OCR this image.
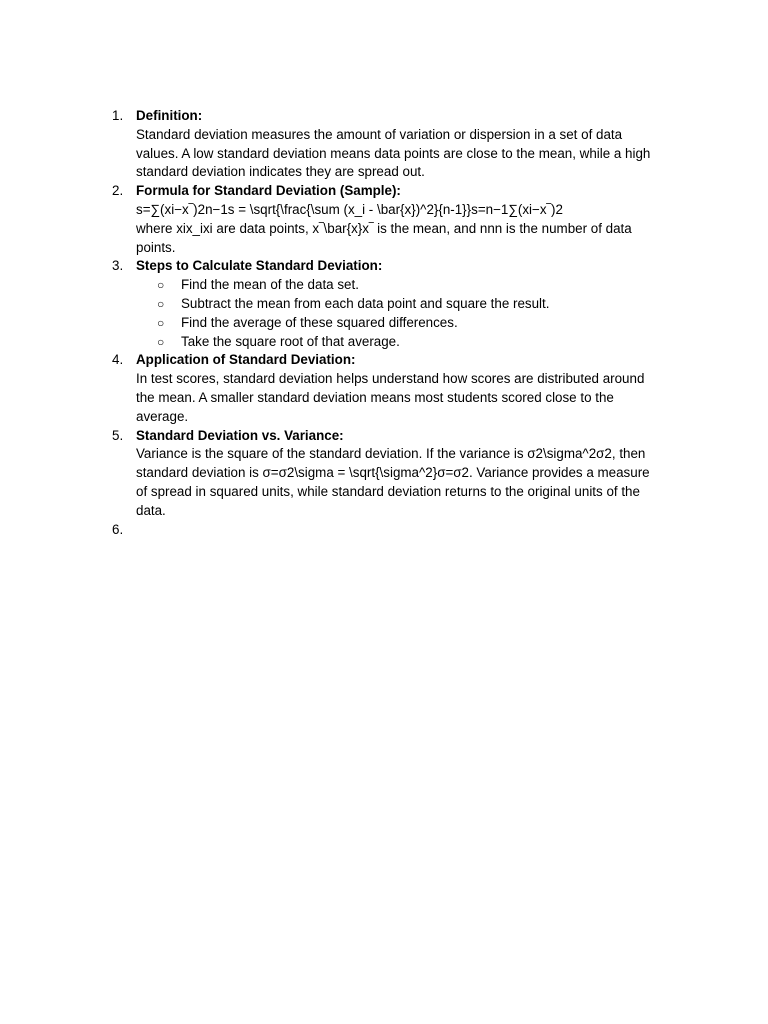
1. Definition:
Standard deviation measures the amount of variation or dispersion in a set of data
values. A low standard deviation means data points are close to the mean, while a high
standard deviation indicates they are spread out.
2. Formula for Standard Deviation (Sample):
s=∑(xi−x‾)2n−1s = \sqrt{\frac{\sum (x_i - \bar{x})^2}{n-1}}s=n−1∑(xi−x‾)2
where xix_ixi are data points, x‾\bar{x}x‾ is the mean, and nnn is the number of data
points.
3. Steps to Calculate Standard Deviation:
○ Find the mean of the data set.
○ Subtract the mean from each data point and square the result.
○ Find the average of these squared differences.
○ Take the square root of that average.
4. Application of Standard Deviation:
In test scores, standard deviation helps understand how scores are distributed around
the mean. A smaller standard deviation means most students scored close to the
average.
5. Standard Deviation vs. Variance:
Variance is the square of the standard deviation. If the variance is σ2\sigma^2σ2, then
standard deviation is σ=σ2\sigma = \sqrt{\sigma^2}σ=σ2. Variance provides a measure
of spread in squared units, while standard deviation returns to the original units of the
data.
6.
